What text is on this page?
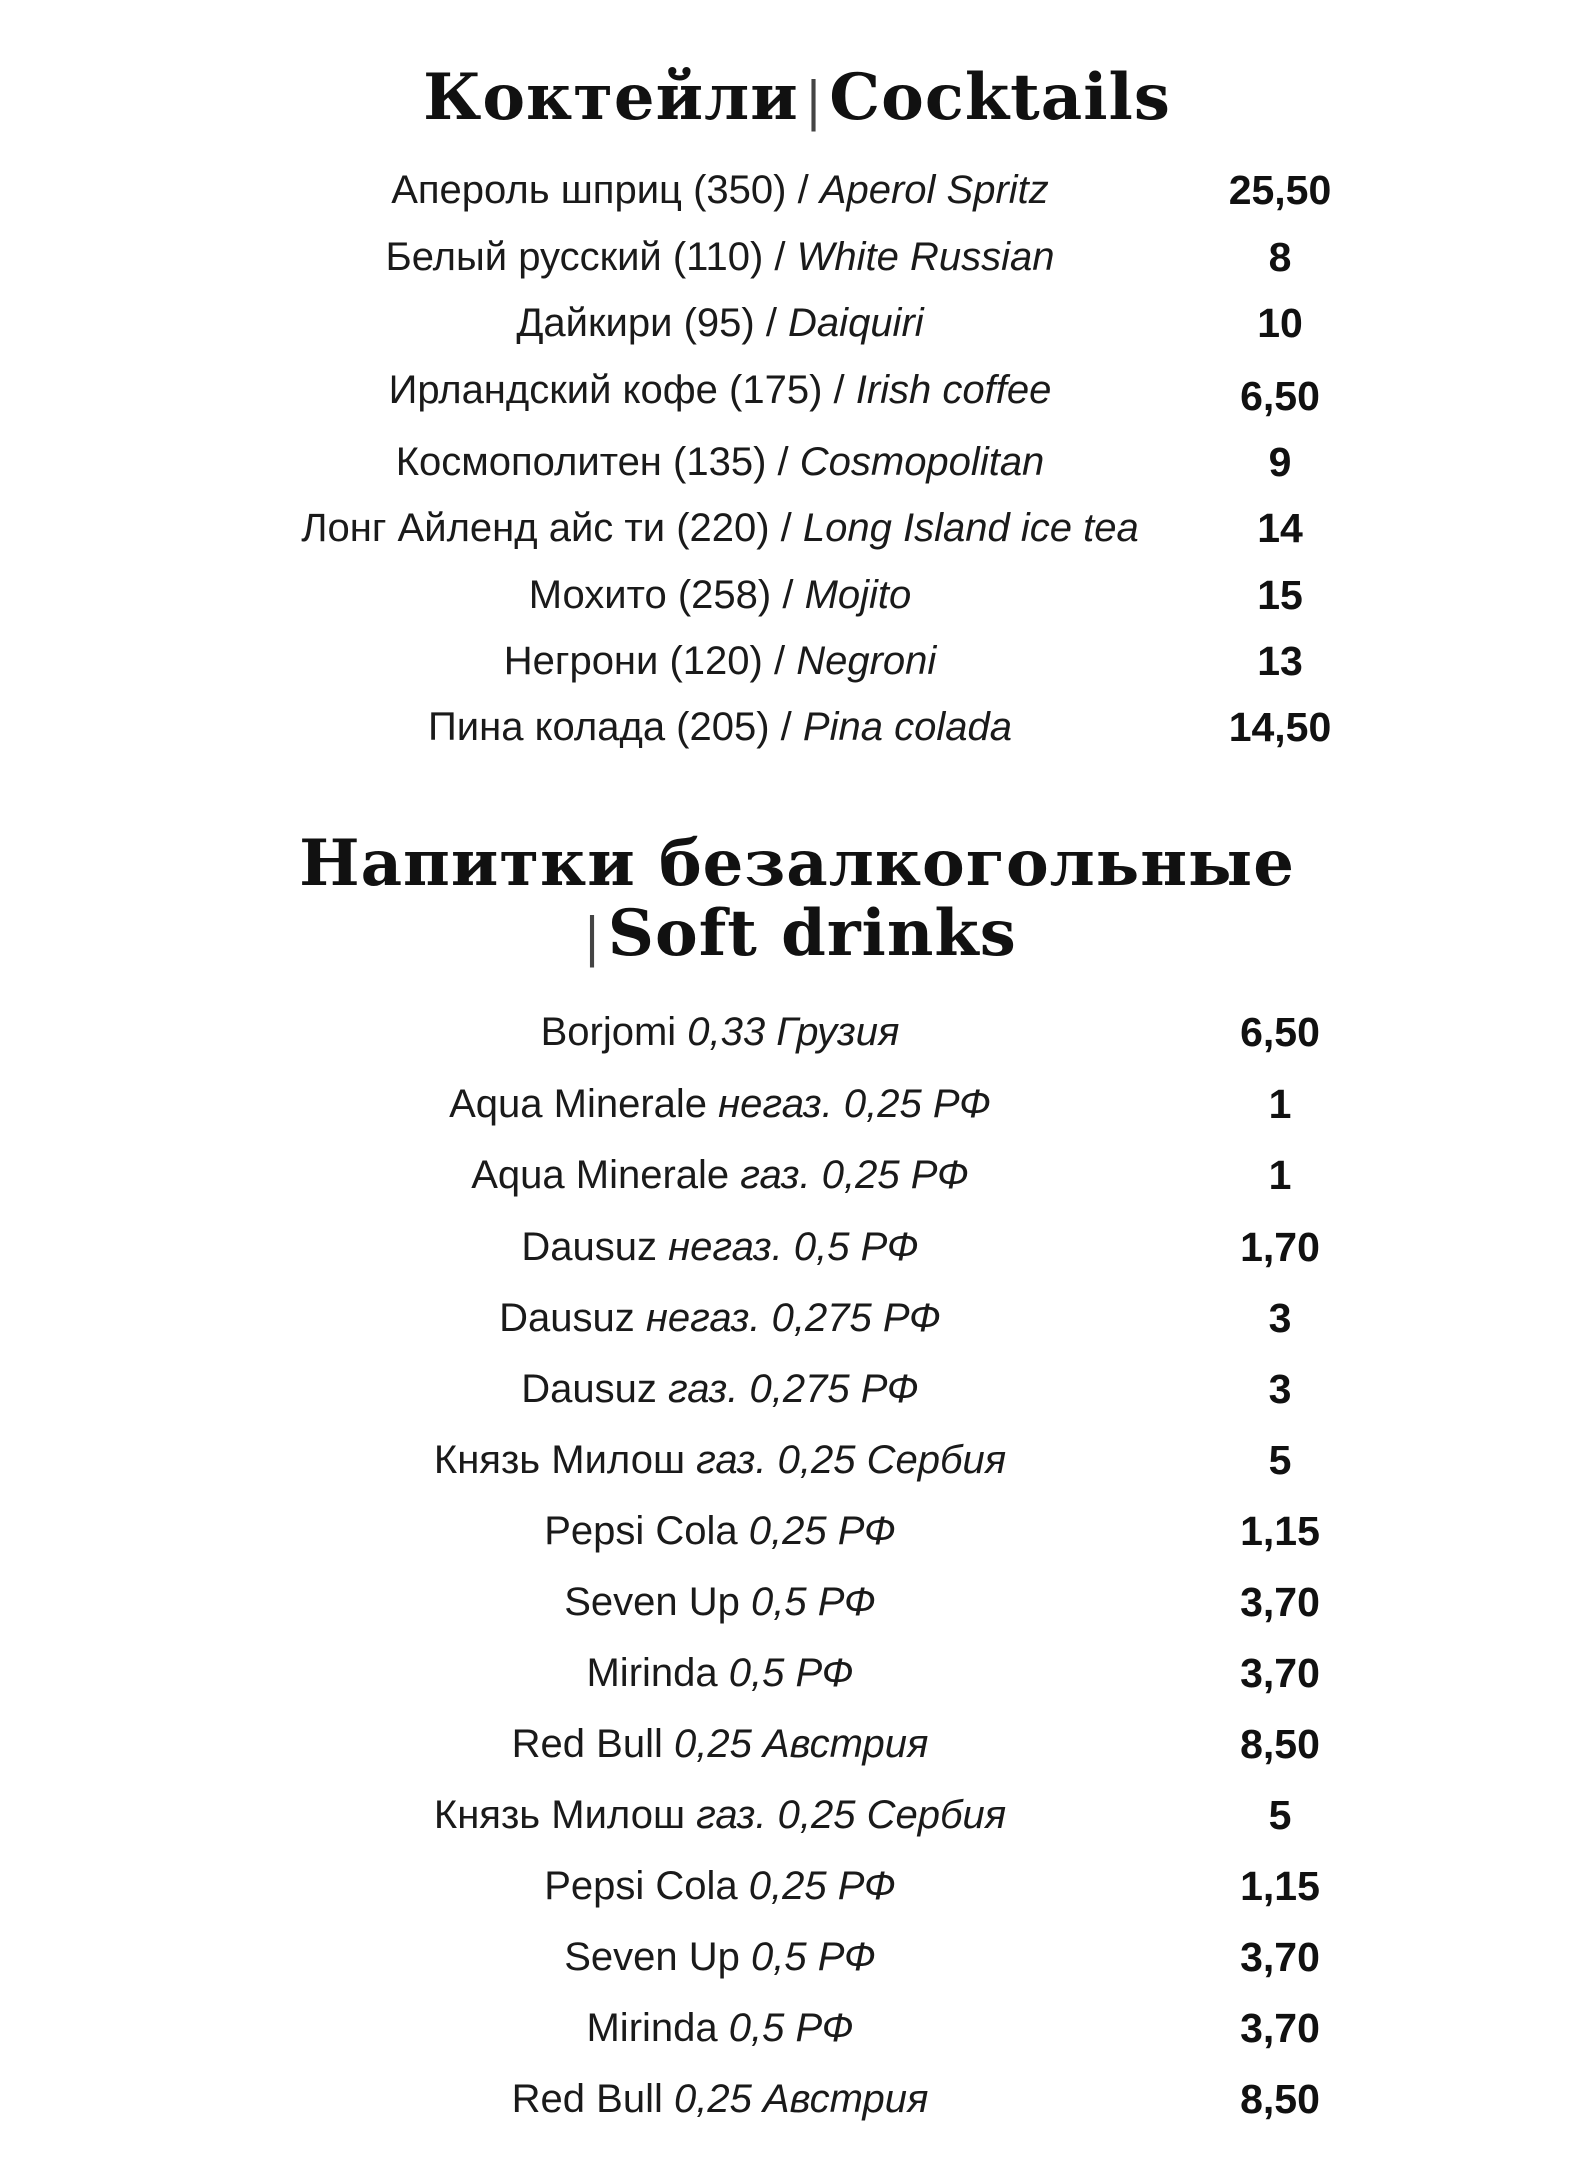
Коктейли |Cocktails
Апероль шприц (350) / Aperol Spritz	25,50
Белый русский (110) / White Russian	8
Дайкири (95) / Daiquiri	10
Ирландский кофе (175) / Irish coffee	6,50
Космополитен (135) / Cosmopolitan	9
Лонг Айленд айс ти (220) / Long Island ice tea	14
Мохито (258) / Mojito	15
Негрони (120) / Negroni	13
Пина колада (205) / Pina colada	14,50
Напитки безалкогольные
|Soft drinks
Borjomi 0,33 Грузия	6,50
Aqua Minerale негаз. 0,25 РФ	1
Aqua Minerale газ. 0,25 РФ	1
Dausuz негаз. 0,5 РФ	1,70
Dausuz негаз. 0,275 РФ	3
Dausuz газ. 0,275 РФ	3
Князь Милош газ. 0,25 Сербия	5
Pepsi Cola 0,25 РФ	1,15
Seven Up 0,5 РФ	3,70
Mirinda 0,5 РФ	3,70
Red Bull 0,25 Австрия	8,50
Князь Милош газ. 0,25 Сербия	5
Pepsi Cola 0,25 РФ	1,15
Seven Up 0,5 РФ	3,70
Mirinda 0,5 РФ	3,70
Red Bull 0,25 Австрия	8,50
